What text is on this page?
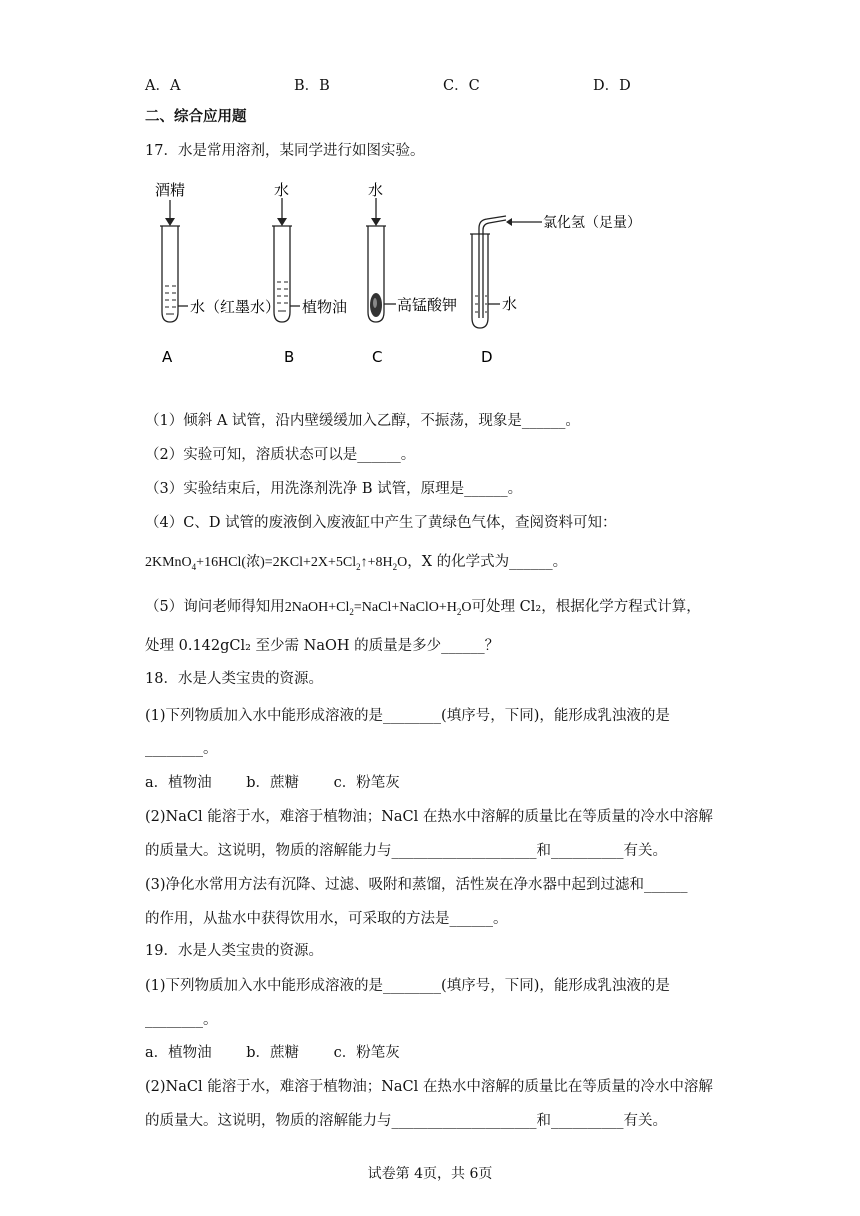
A．A	B．B	C．C	D．D
二、综合应用题
17．水是常用溶剂，某同学进行如图实验。
酒精
水（红墨水）
A
水
植物油
B
水
高锰酸钾
C
氯化氢（足量）
水
D
（1）倾斜 A 试管，沿内壁缓缓加入乙醇，不振荡，现象是______。
（2）实验可知，溶质状态可以是______。
（3）实验结束后，用洗涤剂洗净 B 试管，原理是______。
（4）C、D 试管的废液倒入废液缸中产生了黄绿色气体，查阅资料可知：
2KMnO$_4$+16HCl(浓)$=2KCl+2X+5Cl_2↑+8H_2O$，X 的化学式为______。
（5）询问老师得知用$2NaOH+Cl_2=NaCl+NaClO+H_2O$可处理 Cl₂，根据化学方程式计算，
处理 0.142gCl₂ 至少需 NaOH 的质量是多少______？
18．水是人类宝贵的资源。
(1)下列物质加入水中能形成溶液的是________(填序号，下同)，能形成乳浊液的是
________。
a．植物油 b．蔗糖 c．粉笔灰
(2)NaCl 能溶于水，难溶于植物油；NaCl 在热水中溶解的质量比在等质量的冷水中溶解
的质量大。这说明，物质的溶解能力与____________________和__________有关。
(3)净化水常用方法有沉降、过滤、吸附和蒸馏，活性炭在净水器中起到过滤和______
的作用，从盐水中获得饮用水，可采取的方法是______。
19．水是人类宝贵的资源。
(1)下列物质加入水中能形成溶液的是________(填序号，下同)，能形成乳浊液的是
________。
a．植物油 b．蔗糖 c．粉笔灰
(2)NaCl 能溶于水，难溶于植物油；NaCl 在热水中溶解的质量比在等质量的冷水中溶解
的质量大。这说明，物质的溶解能力与____________________和__________有关。
试卷第 4页，共 6页
